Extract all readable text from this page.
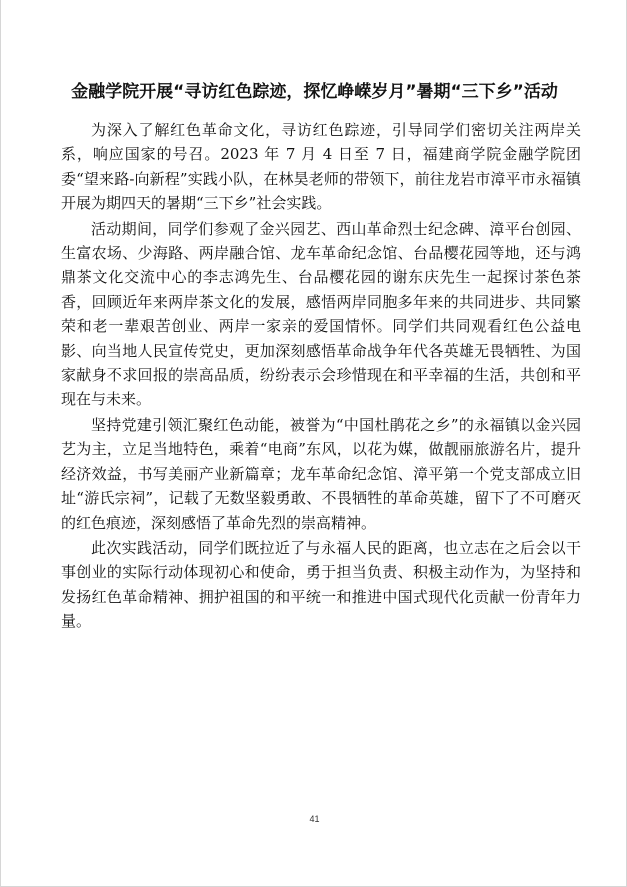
金融学院开展“寻访红色踪迹，探忆峥嵘岁月”暑期“三下乡”活动

为深入了解红色革命文化，寻访红色踪迹，引导同学们密切关注两岸关系，响应国家的号召。2023 年 7 月 4 日至 7 日，福建商学院金融学院团委“望来路-向新程”实践小队，在林昊老师的带领下，前往龙岩市漳平市永福镇开展为期四天的暑期“三下乡”社会实践。

活动期间，同学们参观了金兴园艺、西山革命烈士纪念碑、漳平台创园、生富农场、少海路、两岸融合馆、龙车革命纪念馆、台品樱花园等地，还与鸿鼎茶文化交流中心的李志鸿先生、台品樱花园的谢东庆先生一起探讨茶色茶香，回顾近年来两岸茶文化的发展，感悟两岸同胞多年来的共同进步、共同繁荣和老一辈艰苦创业、两岸一家亲的爱国情怀。同学们共同观看红色公益电影、向当地人民宣传党史，更加深刻感悟革命战争年代各英雄无畏牺牲、为国家献身不求回报的崇高品质，纷纷表示会珍惜现在和平幸福的生活，共创和平现在与未来。

坚持党建引领汇聚红色动能，被誉为“中国杜鹃花之乡”的永福镇以金兴园艺为主，立足当地特色，乘着“电商”东风，以花为媒，做靓丽旅游名片，提升经济效益，书写美丽产业新篇章；龙车革命纪念馆、漳平第一个党支部成立旧址“游氏宗祠”，记载了无数坚毅勇敢、不畏牺牲的革命英雄，留下了不可磨灭的红色痕迹，深刻感悟了革命先烈的崇高精神。

此次实践活动，同学们既拉近了与永福人民的距离，也立志在之后会以干事创业的实际行动体现初心和使命，勇于担当负责、积极主动作为，为坚持和发扬红色革命精神、拥护祖国的和平统一和推进中国式现代化贡献一份青年力量。

41
